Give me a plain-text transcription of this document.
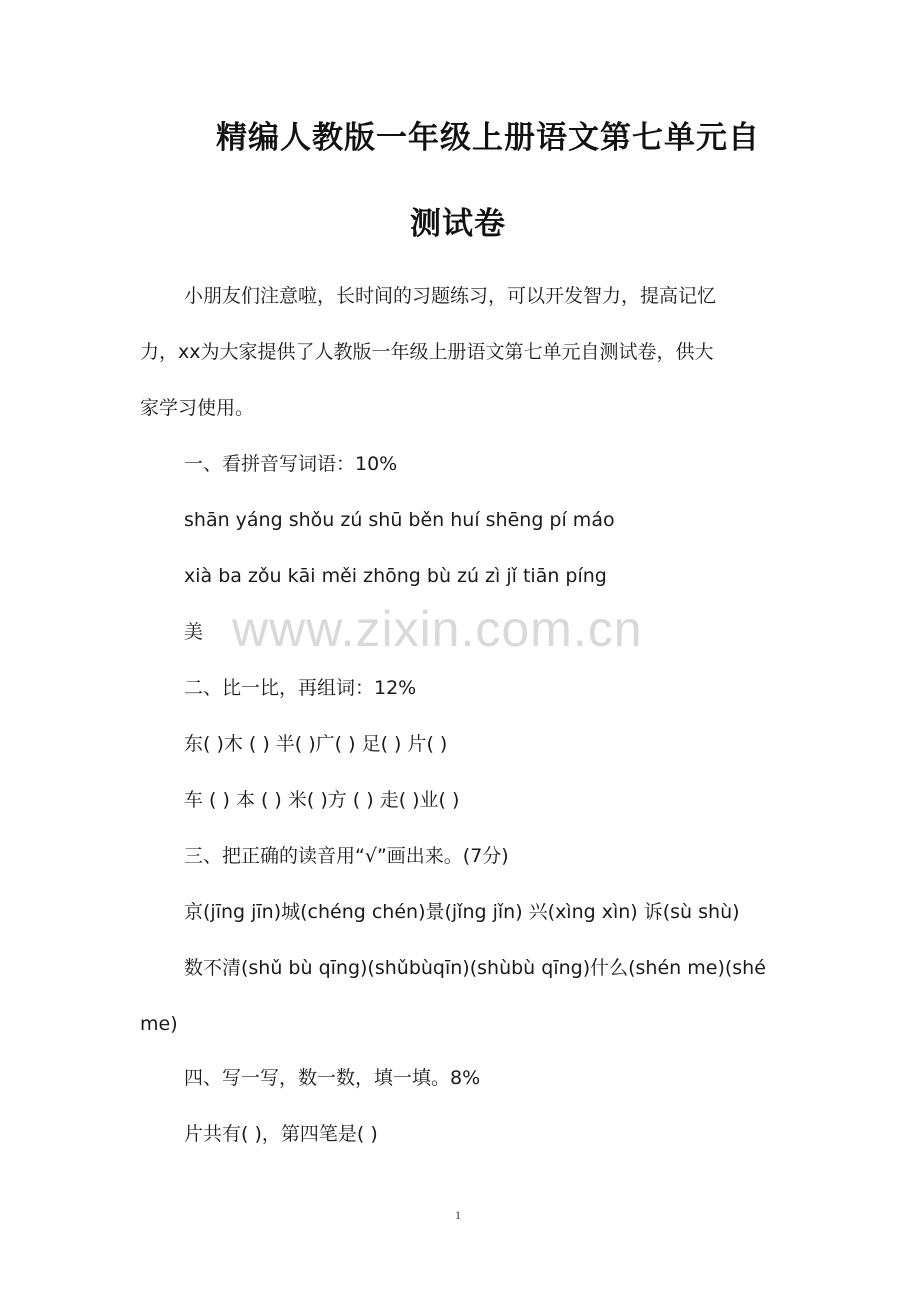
精编人教版一年级上册语文第七单元自
测试卷
小朋友们注意啦，长时间的习题练习，可以开发智力，提高记忆
力，xx为大家提供了人教版一年级上册语文第七单元自测试卷，供大
家学习使用。
一、看拼音写词语：10%
shān yáng shǒu zú shū běn huí shēng pí máo
xià ba zǒu kāi měi zhōng bù zú zì jǐ tiān píng
美
二、比一比，再组词：12%
东( )木 ( ) 半( )广( ) 足( ) 片( )
车 ( ) 本 ( ) 米( )方 ( ) 走( )业( )
三、把正确的读音用“√”画出来。(7分)
京(jīng jīn)城(chéng chén)景(jǐng jǐn) 兴(xìng xìn) 诉(sù shù)
数不清(shǔ bù qīng)(shǔbùqīn)(shùbù qīng)什么(shén me)(shé
me)
四、写一写，数一数，填一填。8%
片共有( )，第四笔是( )
www.zixin.com.cn
1
